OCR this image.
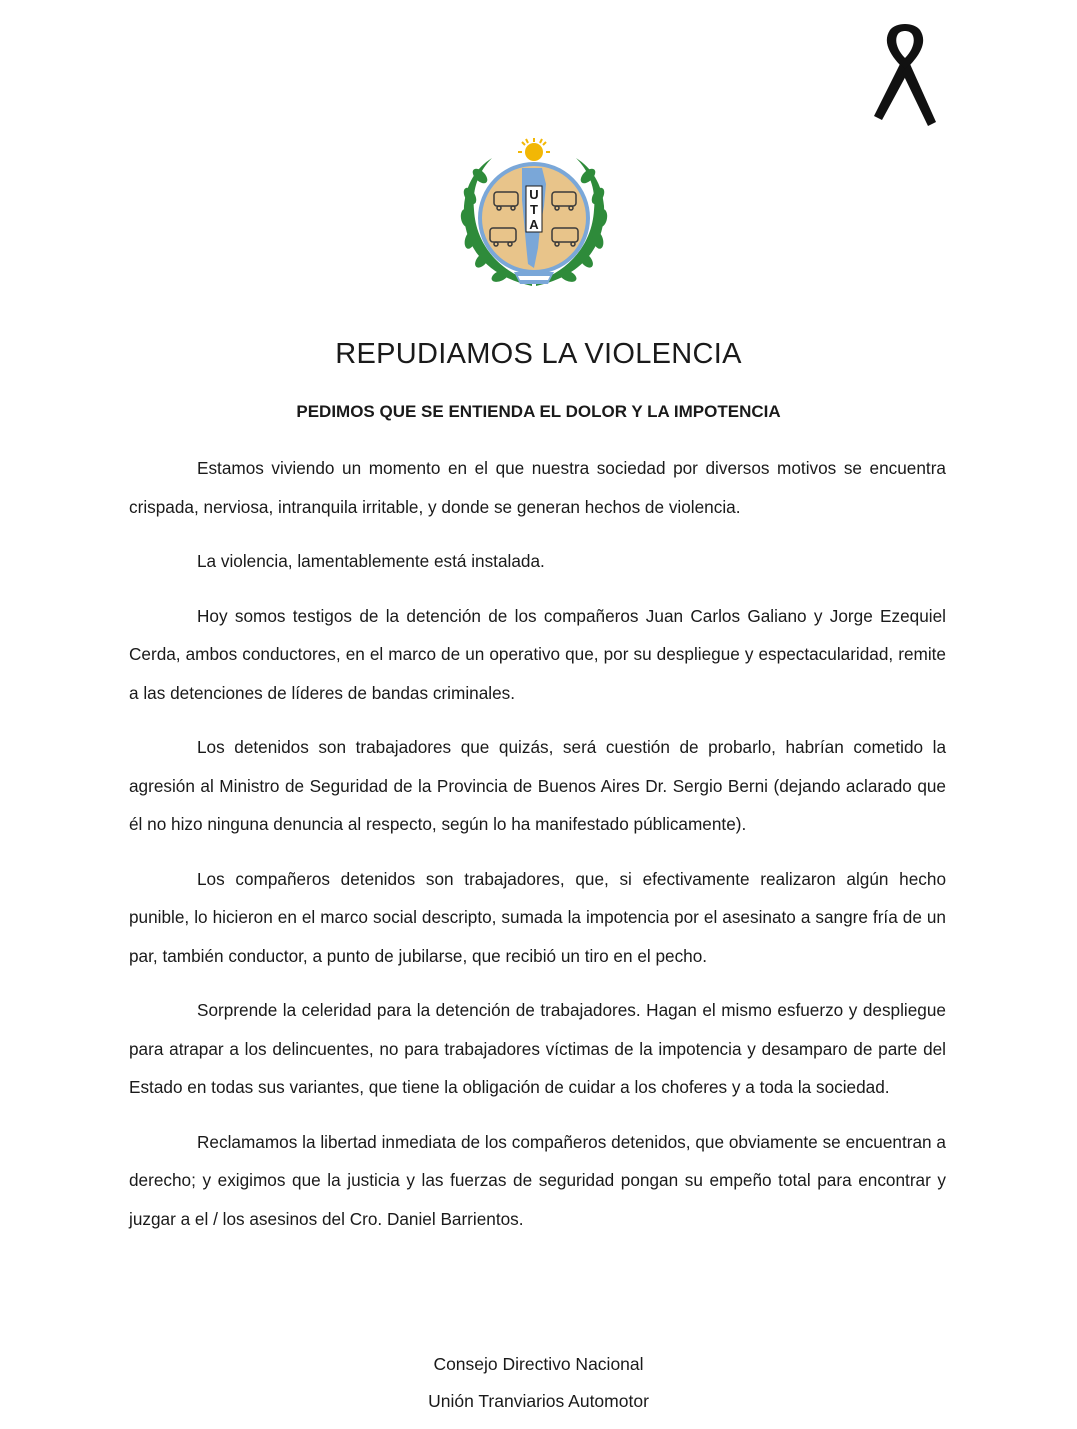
U
T
A
REPUDIAMOS LA VIOLENCIA
PEDIMOS QUE SE ENTIENDA EL DOLOR Y LA IMPOTENCIA

Estamos viviendo un momento en el que nuestra sociedad por diversos motivos se encuentra crispada, nerviosa, intranquila irritable, y donde se generan hechos de violencia.

La violencia, lamentablemente está instalada.

Hoy somos testigos de la detención de los compañeros Juan Carlos Galiano y Jorge Ezequiel Cerda, ambos conductores, en el marco de un operativo que, por su despliegue y espectacularidad, remite a las detenciones de líderes de bandas criminales.

Los detenidos son trabajadores que quizás, será cuestión de probarlo, habrían cometido la agresión al Ministro de Seguridad de la Provincia de Buenos Aires Dr. Sergio Berni (dejando aclarado que él no hizo ninguna denuncia al respecto, según lo ha manifestado públicamente).

Los compañeros detenidos son trabajadores, que, si efectivamente realizaron algún hecho punible, lo hicieron en el marco social descripto, sumada la impotencia por el asesinato a sangre fría de un par, también conductor, a punto de jubilarse, que recibió un tiro en el pecho.

Sorprende la celeridad para la detención de trabajadores. Hagan el mismo esfuerzo y despliegue para atrapar a los delincuentes, no para trabajadores víctimas de la impotencia y desamparo de parte del Estado en todas sus variantes, que tiene la obligación de cuidar a los choferes y a toda la sociedad.

Reclamamos la libertad inmediata de los compañeros detenidos, que obviamente se encuentran a derecho; y exigimos que la justicia y las fuerzas de seguridad pongan su empeño total para encontrar y juzgar a el / los asesinos del Cro. Daniel Barrientos.

Consejo Directivo Nacional
Unión Tranviarios Automotor
